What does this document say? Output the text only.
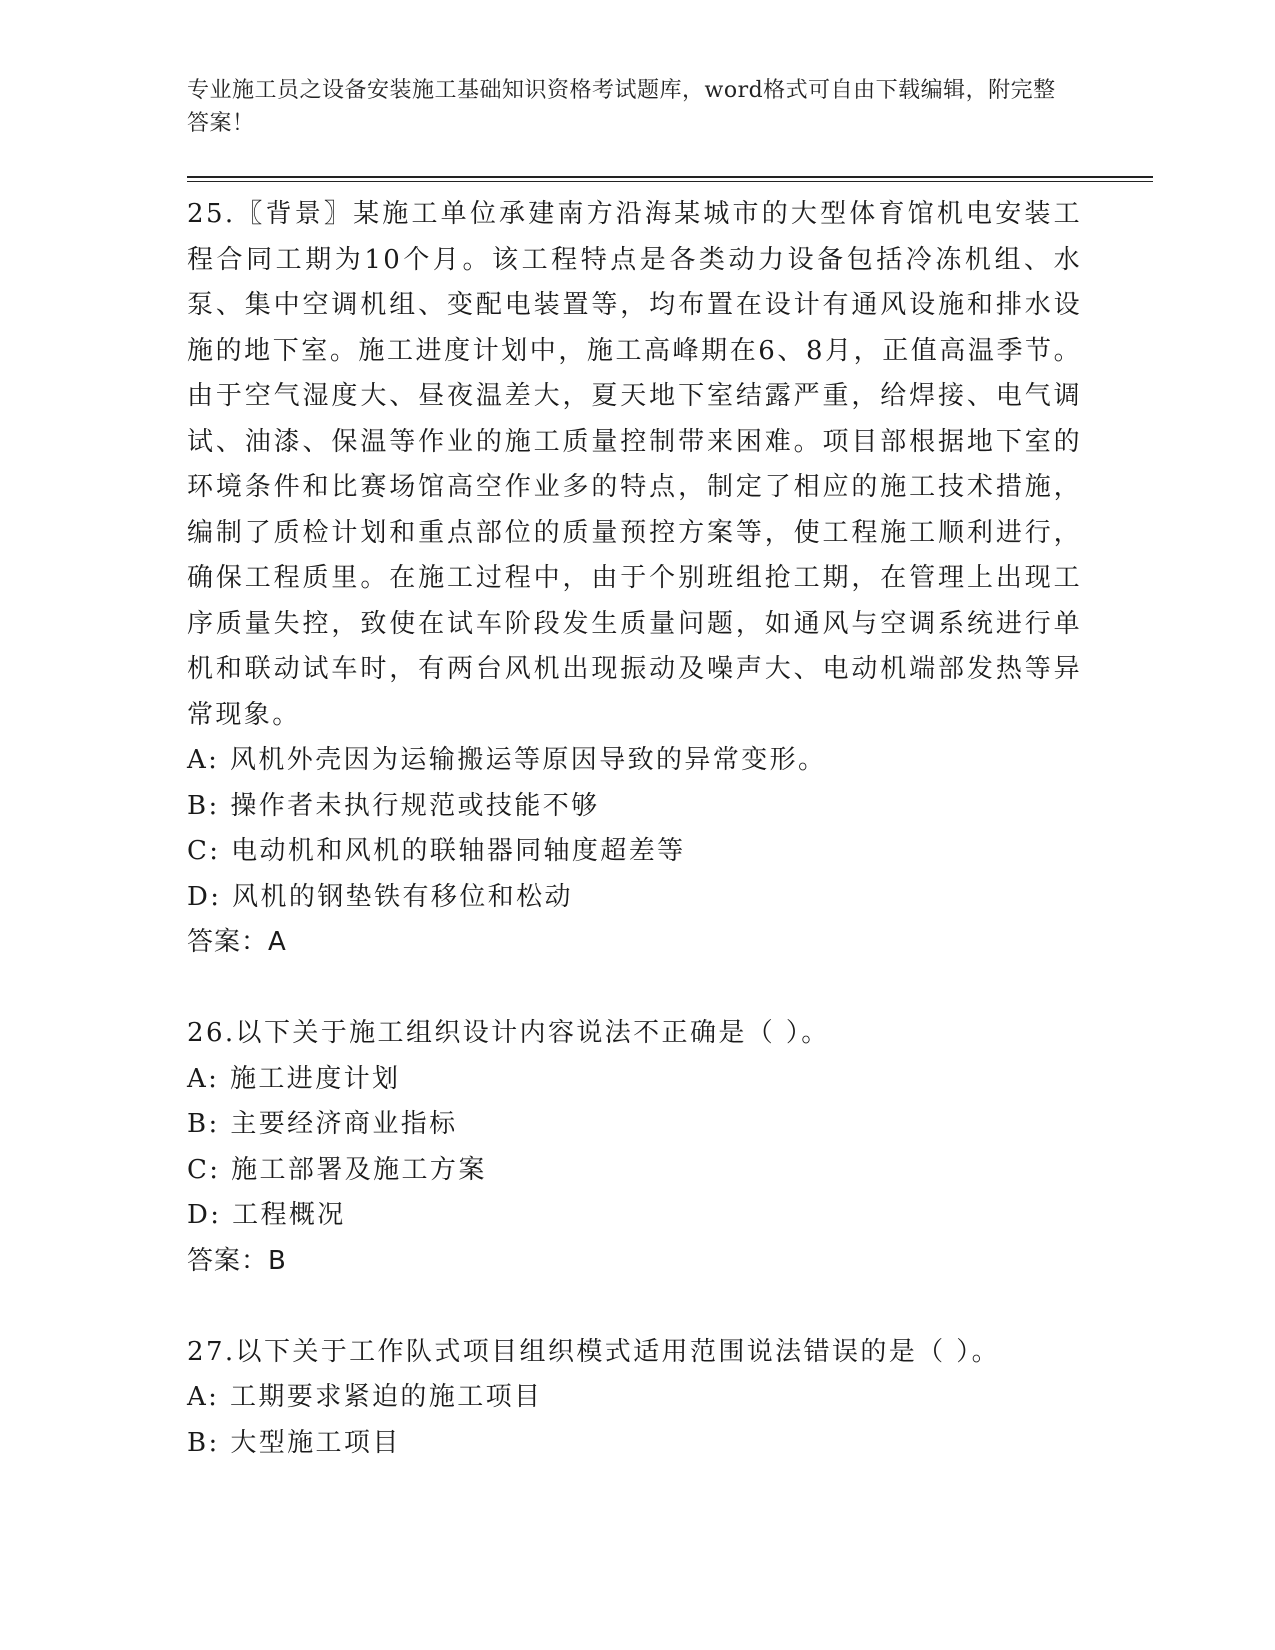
专业施工员之设备安装施工基础知识资格考试题库，word格式可自由下载编辑，附完整答案！
25.〖背景〗某施工单位承建南方沿海某城市的大型体育馆机电安装工程合同工期为10个月。该工程特点是各类动力设备包括冷冻机组、水泵、集中空调机组、变配电装置等，均布置在设计有通风设施和排水设施的地下室。施工进度计划中，施工高峰期在6、8月，正值高温季节。由于空气湿度大、昼夜温差大，夏天地下室结露严重，给焊接、电气调试、油漆、保温等作业的施工质量控制带来困难。项目部根据地下室的环境条件和比赛场馆高空作业多的特点，制定了相应的施工技术措施，编制了质检计划和重点部位的质量预控方案等，使工程施工顺利进行，确保工程质里。在施工过程中，由于个别班组抢工期，在管理上出现工序质量失控，致使在试车阶段发生质量问题，如通风与空调系统进行单机和联动试车时，有两台风机出现振动及噪声大、电动机端部发热等异常现象。
A: 风机外壳因为运输搬运等原因导致的异常变形。
B: 操作者未执行规范或技能不够
C: 电动机和风机的联轴器同轴度超差等
D: 风机的钢垫铁有移位和松动
答案：A
26.以下关于施工组织设计内容说法不正确是（ ）。
A: 施工进度计划
B: 主要经济商业指标
C: 施工部署及施工方案
D: 工程概况
答案：B
27.以下关于工作队式项目组织模式适用范围说法错误的是（ ）。
A: 工期要求紧迫的施工项目
B: 大型施工项目
